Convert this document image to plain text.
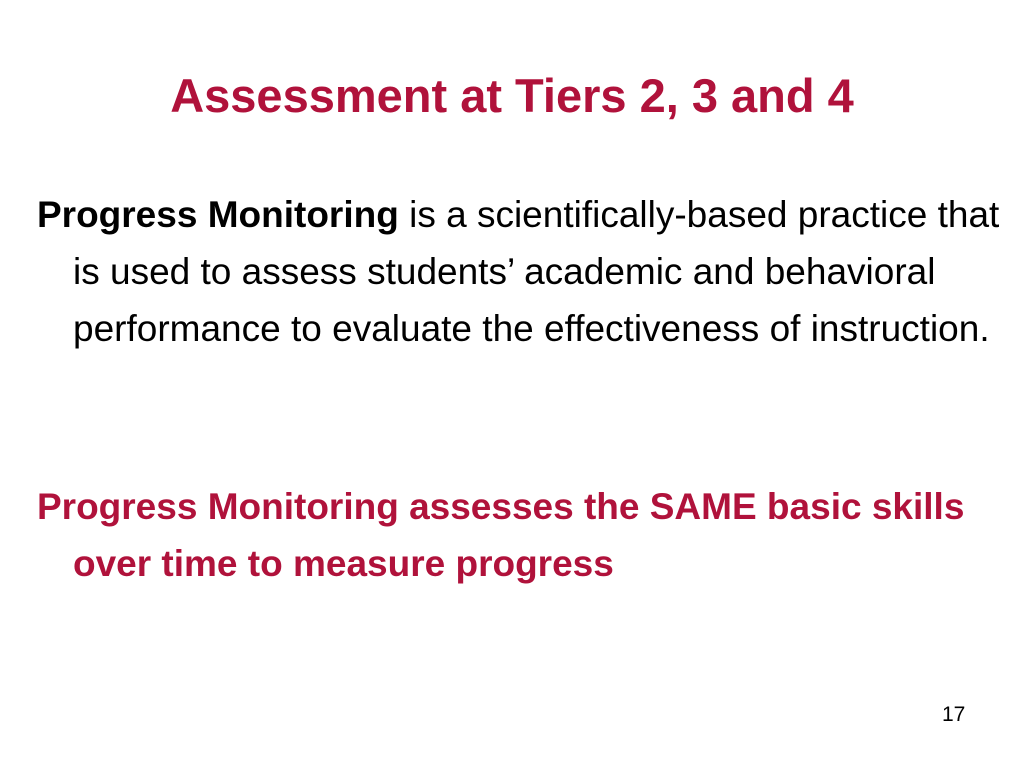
Assessment at Tiers 2, 3 and 4

Progress Monitoring is a scientifically-based practice that is used to assess students’ academic and behavioral performance to evaluate the effectiveness of instruction.

Progress Monitoring assesses the SAME basic skills over time to measure progress

17
